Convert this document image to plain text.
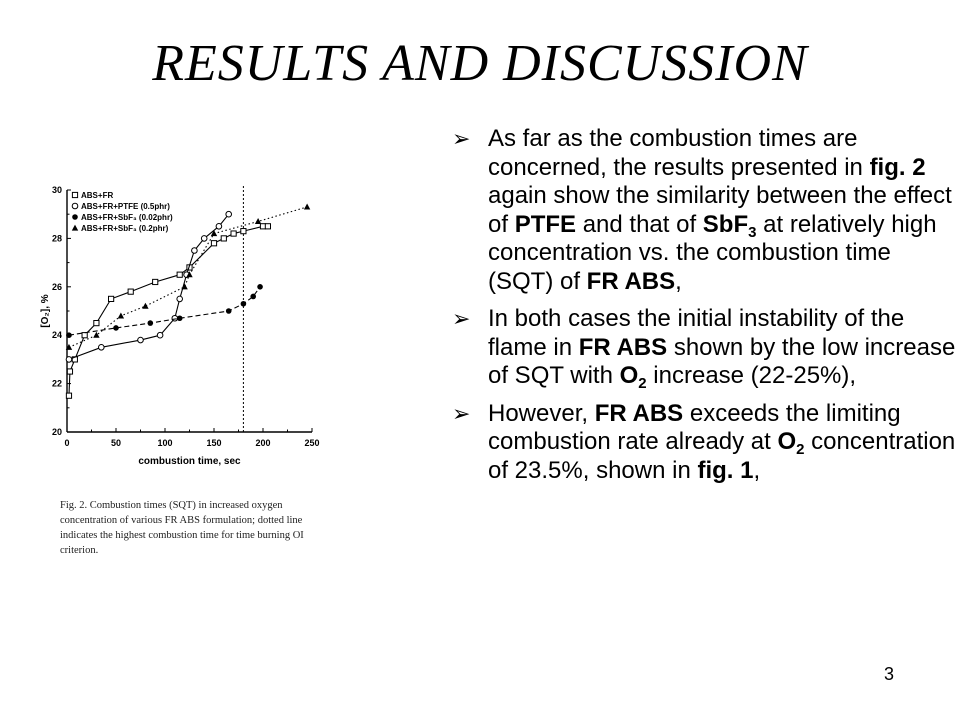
RESULTS AND DISCUSSION
0	50	100	150	200	250
20
22
24
26
28
30
combustion time, sec
[O₂], %
ABS+FR
ABS+FR+PTFE (0.5phr)
ABS+FR+SbF₃ (0.02phr)
ABS+FR+SbF₃ (0.2phr)
Fig. 2. Combustion times (SQT) in increased oxygen concentration of various FR ABS formulation; dotted line indicates the highest combustion time for time burning OI criterion.
➢ As far as the combustion times are concerned, the results presented in fig. 2 again show the similarity between the effect of PTFE and that of SbF$_3$ at relatively high concentration vs. the combustion time (SQT) of FR ABS,
➢ In both cases the initial instability of the flame in FR ABS shown by the low increase of SQT with $O_2$ increase (22-25%),
➢ However, FR ABS exceeds the limiting combustion rate already at $O_2$ concentration of 23.5%, shown in fig. 1,
3
